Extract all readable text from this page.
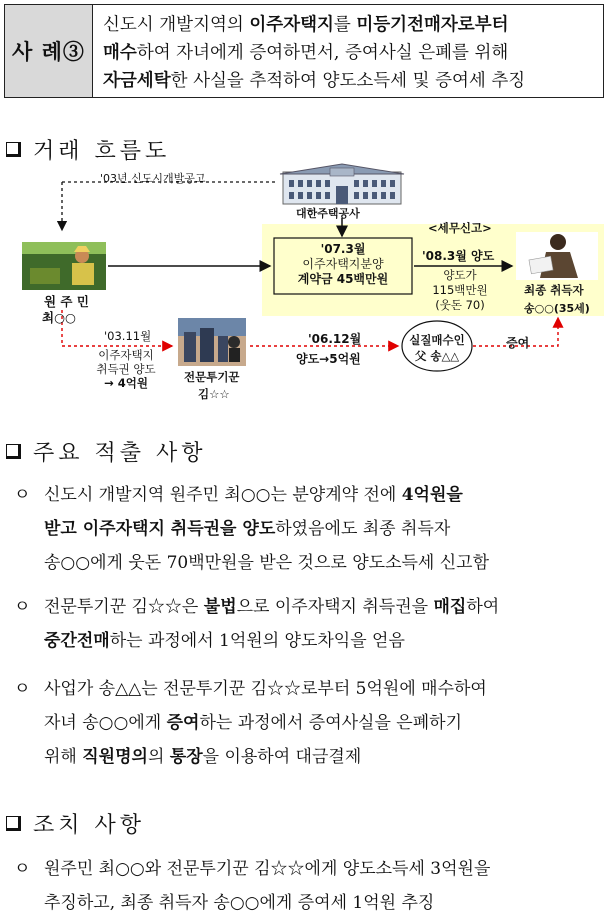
사 례③
신도시 개발지역의 이주자택지를 미등기전매자로부터
매수하여 자녀에게 증여하면서, 증여사실 은폐를 위해
자금세탁한 사실을 추적하여 양도소득세 및 증여세 추징
거래 흐름도
'03년 신도시개발공고
대한주택공사
<세무신고>
원 주 민
최○○
'07.3월
이주자택지분양
계약금 45백만원
'08.3월 양도
양도가
115백만원
(웃돈 70)
최종 취득자
송○○(35세)
'03.11월
이주자택지
취득권 양도
→ 4억원	전문투기꾼
김☆☆
'06.12월
양도→5억원
실질매수인
父 송△△
증여
주요 적출 사항
ㅇ 신도시 개발지역 원주민 최○○는 분양계약 전에 4억원을
받고 이주자택지 취득권을 양도하였음에도 최종 취득자
송○○에게 웃돈 70백만원을 받은 것으로 양도소득세 신고함
ㅇ 전문투기꾼 김☆☆은 불법으로 이주자택지 취득권을 매집하여
중간전매하는 과정에서 1억원의 양도차익을 얻음
ㅇ 사업가 송△△는 전문투기꾼 김☆☆로부터 5억원에 매수하여
자녀 송○○에게 증여하는 과정에서 증여사실을 은폐하기
위해 직원명의의 통장을 이용하여 대금결제
조치 사항
ㅇ 원주민 최○○와 전문투기꾼 김☆☆에게 양도소득세 3억원을
추징하고, 최종 취득자 송○○에게 증여세 1억원 추징
